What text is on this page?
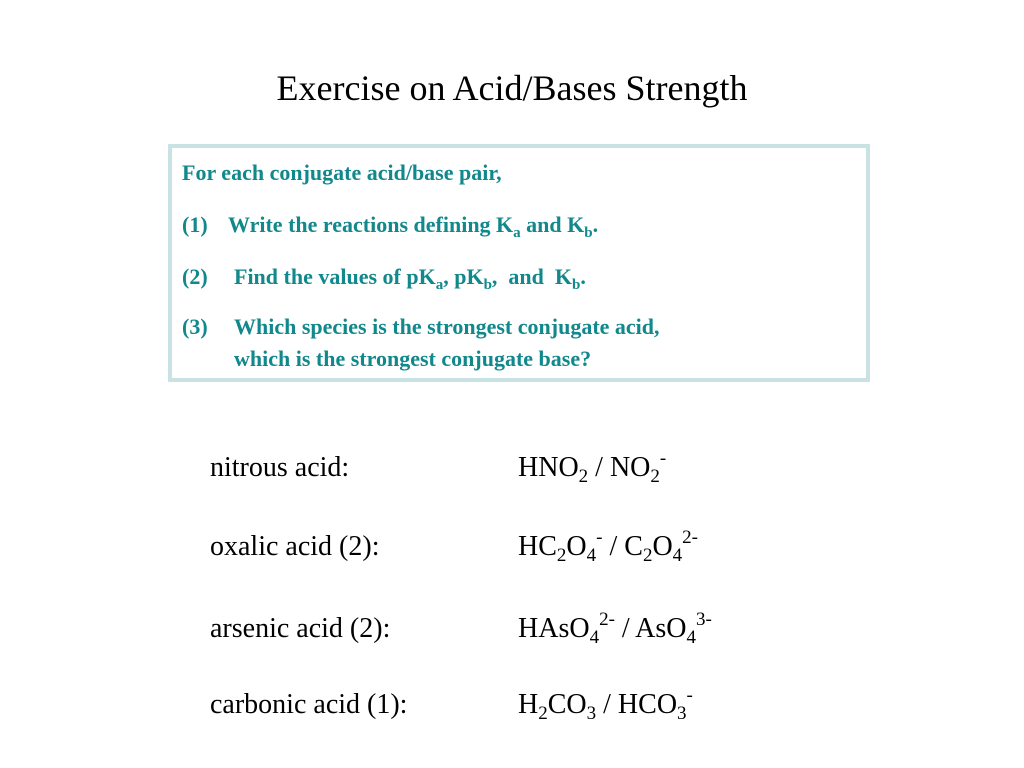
Exercise on Acid/Bases Strength
For each conjugate acid/base pair,
(1) Write the reactions defining $K_a$ and $K_b$.
(2) Find the values of $pK_a$, $pK_b$,  and  $K_b$.
(3) Which species is the strongest conjugate acid,
which is the strongest conjugate base?
nitrous acid:	$HNO_2 / NO_2^-$
oxalic acid (2):	$HC_2O_4^- / C_2O_4^{2-}$
arsenic acid (2):	HAsO$_4^{2-}$ / AsO$_4^{3-}$
carbonic acid (1):	$H_2CO_3 / HCO_3^-$
